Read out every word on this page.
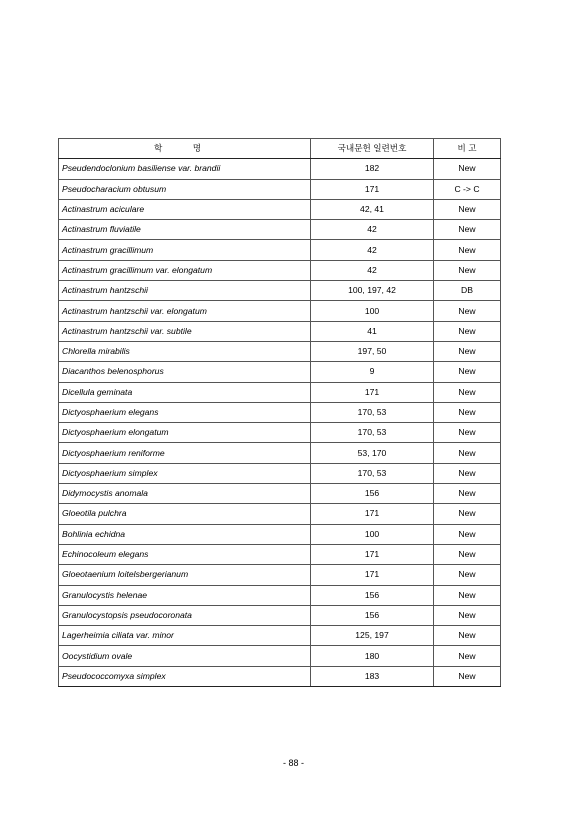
학 명	국내문헌 일련번호	비 고
Pseudendoclonium basiliense var. brandii	182	New
Pseudocharacium obtusum	171	C -> C
Actinastrum aciculare	42, 41	New
Actinastrum fluviatile	42	New
Actinastrum gracillimum	42	New
Actinastrum gracillimum var. elongatum	42	New
Actinastrum hantzschii	100, 197, 42	DB
Actinastrum hantzschii var. elongatum	100	New
Actinastrum hantzschii var. subtile	41	New
Chlorella mirabilis	197, 50	New
Diacanthos belenosphorus	9	New
Dicellula geminata	171	New
Dictyosphaerium elegans	170, 53	New
Dictyosphaerium elongatum	170, 53	New
Dictyosphaerium reniforme	53, 170	New
Dictyosphaerium simplex	170, 53	New
Didymocystis anomala	156	New
Gloeotila pulchra	171	New
Bohlinia echidna	100	New
Echinocoleum elegans	171	New
Gloeotaenium loitelsbergerianum	171	New
Granulocystis helenae	156	New
Granulocystopsis pseudocoronata	156	New
Lagerheimia ciliata var. minor	125, 197	New
Oocystidium ovale	180	New
Pseudococcomyxa simplex	183	New
- 88 -
